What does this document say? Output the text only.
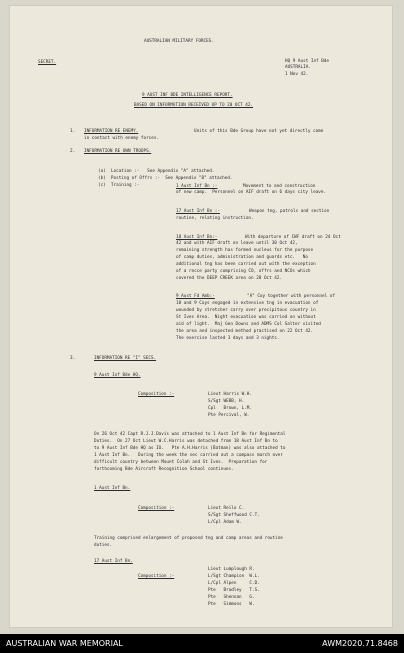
AUSTRALIAN MILITARY FORCES.
SECRET.	HQ 9 Aust Inf Bde
AUSTRALIA.
1 Nov 42.
9 AUST INF BDE INTELLIGENCE REPORT.
BASED ON INFORMATION RECEIVED UP TO 20 OCT 42.
1. INFORMATION RE ENEMY.	Units of this Bde Group have not yet directly come
in contact with enemy forces.
2. INFORMATION RE OWN TROOPS.
(a)  Location :-   See Appendix "A" attached.
(b)  Posting of Offrs :-  See Appendix "B" attached.
(c)  Training :-	1 Aust Inf Bn :-	Movement to and construction
of new camp.  Personnel on AIF draft on 6 days city leave.
17 Aust Inf Bn :-	Weapon tng, patrols and section
routine, relating instruction.
18 Aust Inf Bn:-	With departure of CWF draft on 24 Oct
42 and with AIF draft on leave until 30 Oct 42,
remaining strength has formed nucleus for the purpose
of camp duties, administration and guards etc.   No
additional tng has been carried out with the exception
of a recce party comprising CO, offrs and NCOs which
covered the DEEP CREEK area on 28 Oct 42.
9 Aust Fd Amb:-	"A" Coy together with personnel of
18 and 9 Coys engaged in extensive tng in evacuation of
wounded by stretcher carry over precipitous country in
St Ives Area.  Night evacuation was carried on without
aid of light.  Maj Gen Downs and ADMS Col Salter visited
the area and inspected method practised on 22 Oct 42.
The exercise lasted 3 days and 3 nights.
3.	INFORMATION RE "I" SECS.
9 Aust Inf Bde HQ.
Composition :-	Lieut Harris W.H.
S/Sgt WEBB, H.
Cpl   Brown, L.M.
Pte Percival, W.
On 26 Oct 42 Capt R.J.J.Davis was attached to 1 Aust Inf Bn for Regimental
Duties.  On 27 Oct Lieut W.C.Harris was detached from 18 Aust Inf Bn to
to 9 Aust Inf Bde HQ as IO.   Pte A.H.Harris (Batman) was also attached to
1 Aust Inf Bn.   During the week the sec carried out a compass march over
difficult country between Mount Colah and St Ives.  Preparation for
forthcoming Bde Aircraft Recognition School continues.
1 Aust Inf Bn.
Composition :-	Lieut Reilo C.
S/Sgt Sheffwood C.T.
L/Cpl Adam W.
Training comprised enlargement of proposed tng and camp areas and routine
duties.
17 Aust Inf Bn.
Composition :-
Lieut Lumplough R.
L/Sgt Champion  W.L.
L/Cpl Alpen     C.D.
Pte   Bradley   T.S.
Pte   Shennan   G.
Pte   Simmons   W.
AUSTRALIAN WAR MEMORIAL	AWM2020.71.8468
